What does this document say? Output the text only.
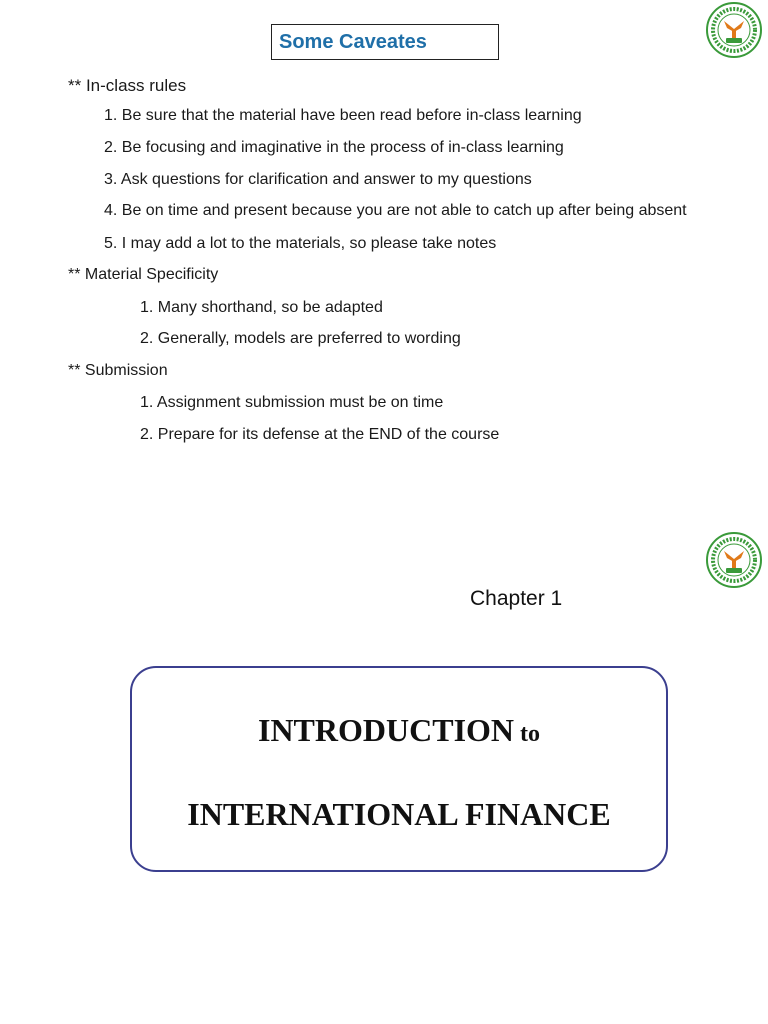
Some Caveates
** In-class rules
1. Be sure that the material have been read before in-class learning
2. Be focusing and imaginative in the process of in-class learning
3. Ask questions for clarification and answer to my questions
4. Be on time and present because you are not able to catch up after being absent
5. I may add a lot to the materials, so please take notes
** Material Specificity
1. Many shorthand, so be adapted
2. Generally, models are preferred to wording
** Submission
1. Assignment submission must be on time
2. Prepare for its defense at the END of the course
Chapter 1
INTRODUCTION to
INTERNATIONAL FINANCE
